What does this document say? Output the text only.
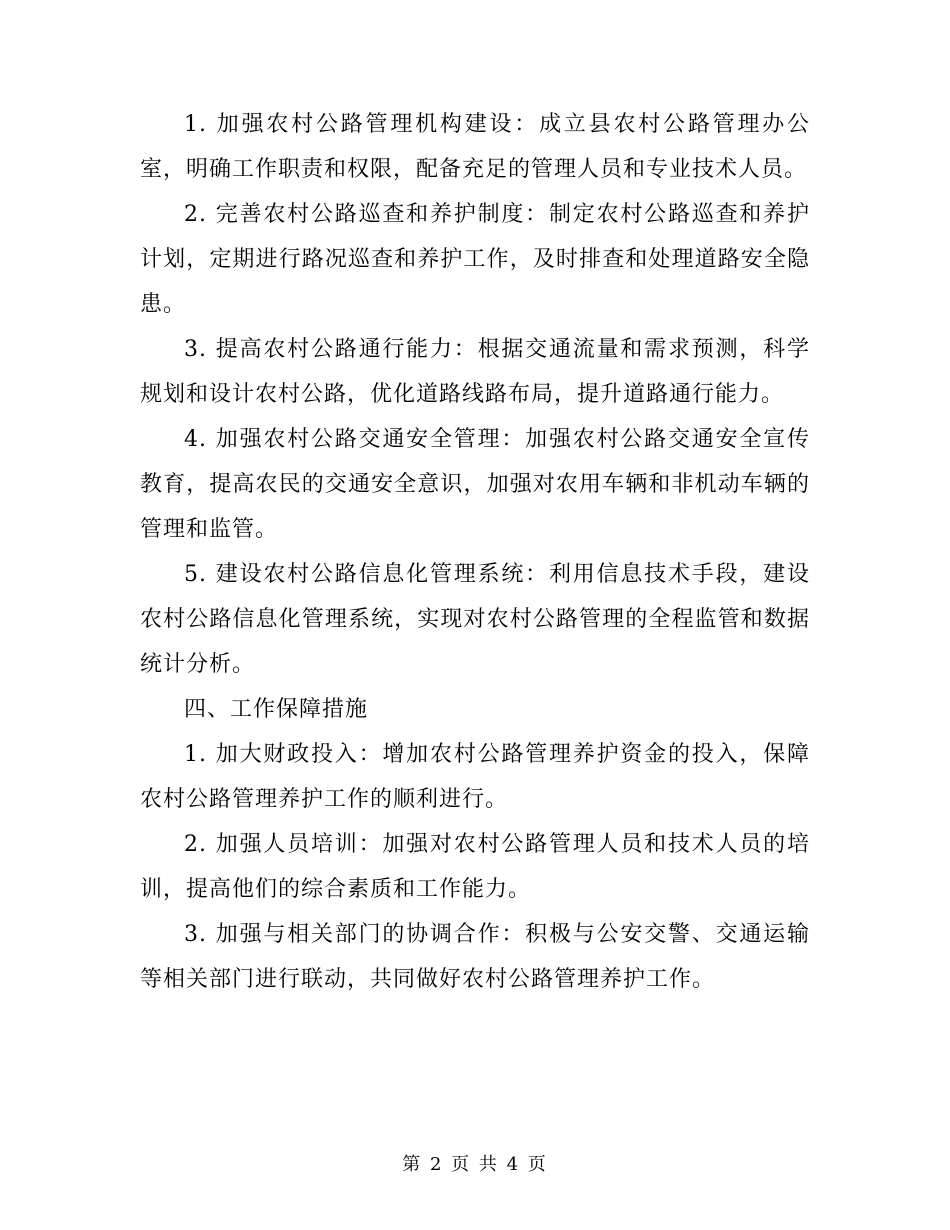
1. 加强农村公路管理机构建设：成立县农村公路管理办公室，明确工作职责和权限，配备充足的管理人员和专业技术人员。

2. 完善农村公路巡查和养护制度：制定农村公路巡查和养护计划，定期进行路况巡查和养护工作，及时排查和处理道路安全隐患。

3. 提高农村公路通行能力：根据交通流量和需求预测，科学规划和设计农村公路，优化道路线路布局，提升道路通行能力。

4. 加强农村公路交通安全管理：加强农村公路交通安全宣传教育，提高农民的交通安全意识，加强对农用车辆和非机动车辆的管理和监管。

5. 建设农村公路信息化管理系统：利用信息技术手段，建设农村公路信息化管理系统，实现对农村公路管理的全程监管和数据统计分析。

四、工作保障措施

1. 加大财政投入：增加农村公路管理养护资金的投入，保障农村公路管理养护工作的顺利进行。

2. 加强人员培训：加强对农村公路管理人员和技术人员的培训，提高他们的综合素质和工作能力。

3. 加强与相关部门的协调合作：积极与公安交警、交通运输等相关部门进行联动，共同做好农村公路管理养护工作。

第 2 页 共 4 页
